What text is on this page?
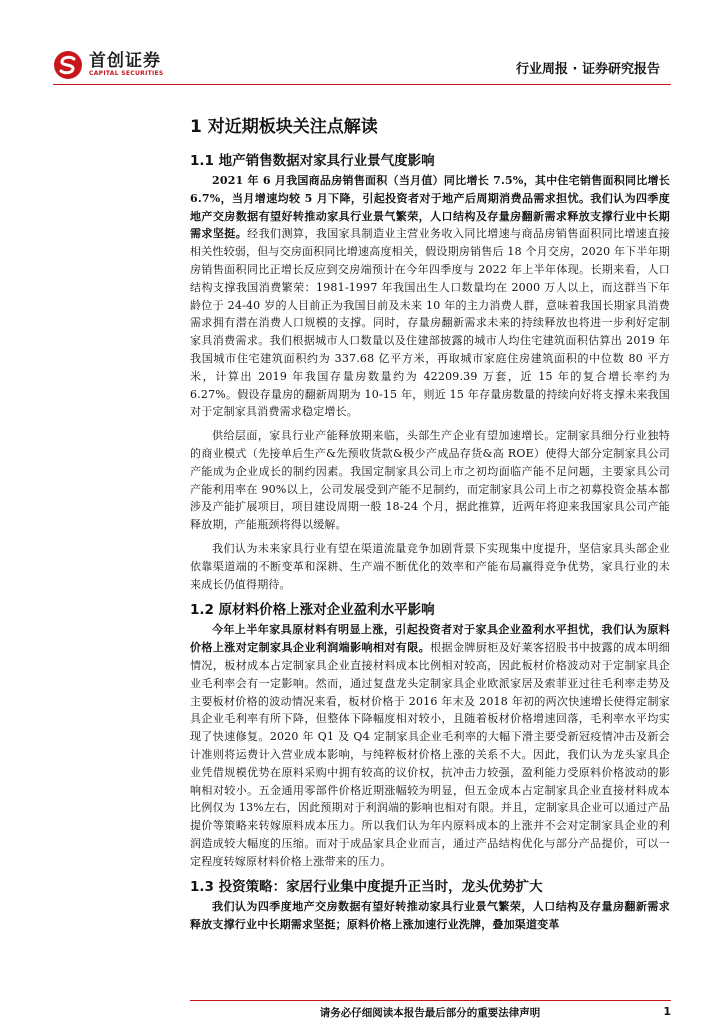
首创证券
CAPITAL SECURITIES	行业周报 · 证券研究报告
1 对近期板块关注点解读
1.1 地产销售数据对家具行业景气度影响

2021 年 6 月我国商品房销售面积（当月值）同比增长 7.5%，其中住宅销售面积同比增长 6.7%，当月增速均较 5 月下降，引起投资者对于地产后周期消费品需求担忧。我们认为四季度地产交房数据有望好转推动家具行业景气繁荣，人口结构及存量房翻新需求释放支撑行业中长期需求坚挺。经我们测算，我国家具制造业主营业务收入同比增速与商品房销售面积同比增速直接相关性较弱，但与交房面积同比增速高度相关，假设期房销售后 18 个月交房，2020 年下半年期房销售面积同比正增长反应到交房端预计在今年四季度与 2022 年上半年体现。长期来看，人口结构支撑我国消费繁荣：1981-1997 年我国出生人口数量均在 2000 万人以上，而这群当下年龄位于 24-40 岁的人目前正为我国目前及未来 10 年的主力消费人群，意味着我国长期家具消费需求拥有潜在消费人口规模的支撑。同时，存量房翻新需求未来的持续释放也将进一步利好定制家具消费需求。我们根据城市人口数量以及住建部披露的城市人均住宅建筑面积估算出 2019 年我国城市住宅建筑面积约为 337.68 亿平方米，再取城市家庭住房建筑面积的中位数 80 平方米，计算出 2019 年我国存量房数量约为 42209.39 万套，近 15 年的复合增长率约为 6.27%。假设存量房的翻新周期为 10-15 年，则近 15 年存量房数量的持续向好将支撑未来我国对于定制家具消费需求稳定增长。

供给层面，家具行业产能释放期来临，头部生产企业有望加速增长。定制家具细分行业独特的商业模式（先接单后生产&先预收货款&极少产成品存货&高 ROE）使得大部分定制家具公司产能成为企业成长的制约因素。我国定制家具公司上市之初均面临产能不足问题，主要家具公司产能利用率在 90%以上，公司发展受到产能不足制约，而定制家具公司上市之初募投资金基本都涉及产能扩展项目，项目建设周期一般 18-24 个月，据此推算，近两年将迎来我国家具公司产能释放期，产能瓶颈将得以缓解。

我们认为未来家具行业有望在渠道流量竞争加剧背景下实现集中度提升，坚信家具头部企业依靠渠道端的不断变革和深耕、生产端不断优化的效率和产能布局赢得竞争优势，家具行业的未来成长仍值得期待。

1.2 原材料价格上涨对企业盈利水平影响

今年上半年家具原材料有明显上涨，引起投资者对于家具企业盈利水平担忧，我们认为原料价格上涨对定制家具企业利润端影响相对有限。根据金牌厨柜及好莱客招股书中披露的成本明细情况，板材成本占定制家具企业直接材料成本比例相对较高，因此板材价格波动对于定制家具企业毛利率会有一定影响。然而，通过复盘龙头定制家具企业欧派家居及索菲亚过往毛利率走势及主要板材价格的波动情况来看，板材价格于 2016 年末及 2018 年初的两次快速增长使得定制家具企业毛利率有所下降，但整体下降幅度相对较小，且随着板材价格增速回落，毛利率水平均实现了快速修复。2020 年 Q1 及 Q4 定制家具企业毛利率的大幅下滑主要受新冠疫情冲击及新会计准则将运费计入营业成本影响，与纯粹板材价格上涨的关系不大。因此，我们认为龙头家具企业凭借规模优势在原料采购中拥有较高的议价权，抗冲击力较强，盈利能力受原料价格波动的影响相对较小。五金通用零部件价格近期涨幅较为明显，但五金成本占定制家具企业直接材料成本比例仅为 13%左右，因此预期对于利润端的影响也相对有限。并且，定制家具企业可以通过产品提价等策略来转嫁原料成本压力。所以我们认为年内原料成本的上涨并不会对定制家具企业的利润造成较大幅度的压缩。而对于成品家具企业而言，通过产品结构优化与部分产品提价，可以一定程度转嫁原材料价格上涨带来的压力。

1.3 投资策略：家居行业集中度提升正当时，龙头优势扩大

我们认为四季度地产交房数据有望好转推动家具行业景气繁荣，人口结构及存量房翻新需求释放支撑行业中长期需求坚挺；原料价格上涨加速行业洗牌，叠加渠道变革

请务必仔细阅读本报告最后部分的重要法律声明	1
